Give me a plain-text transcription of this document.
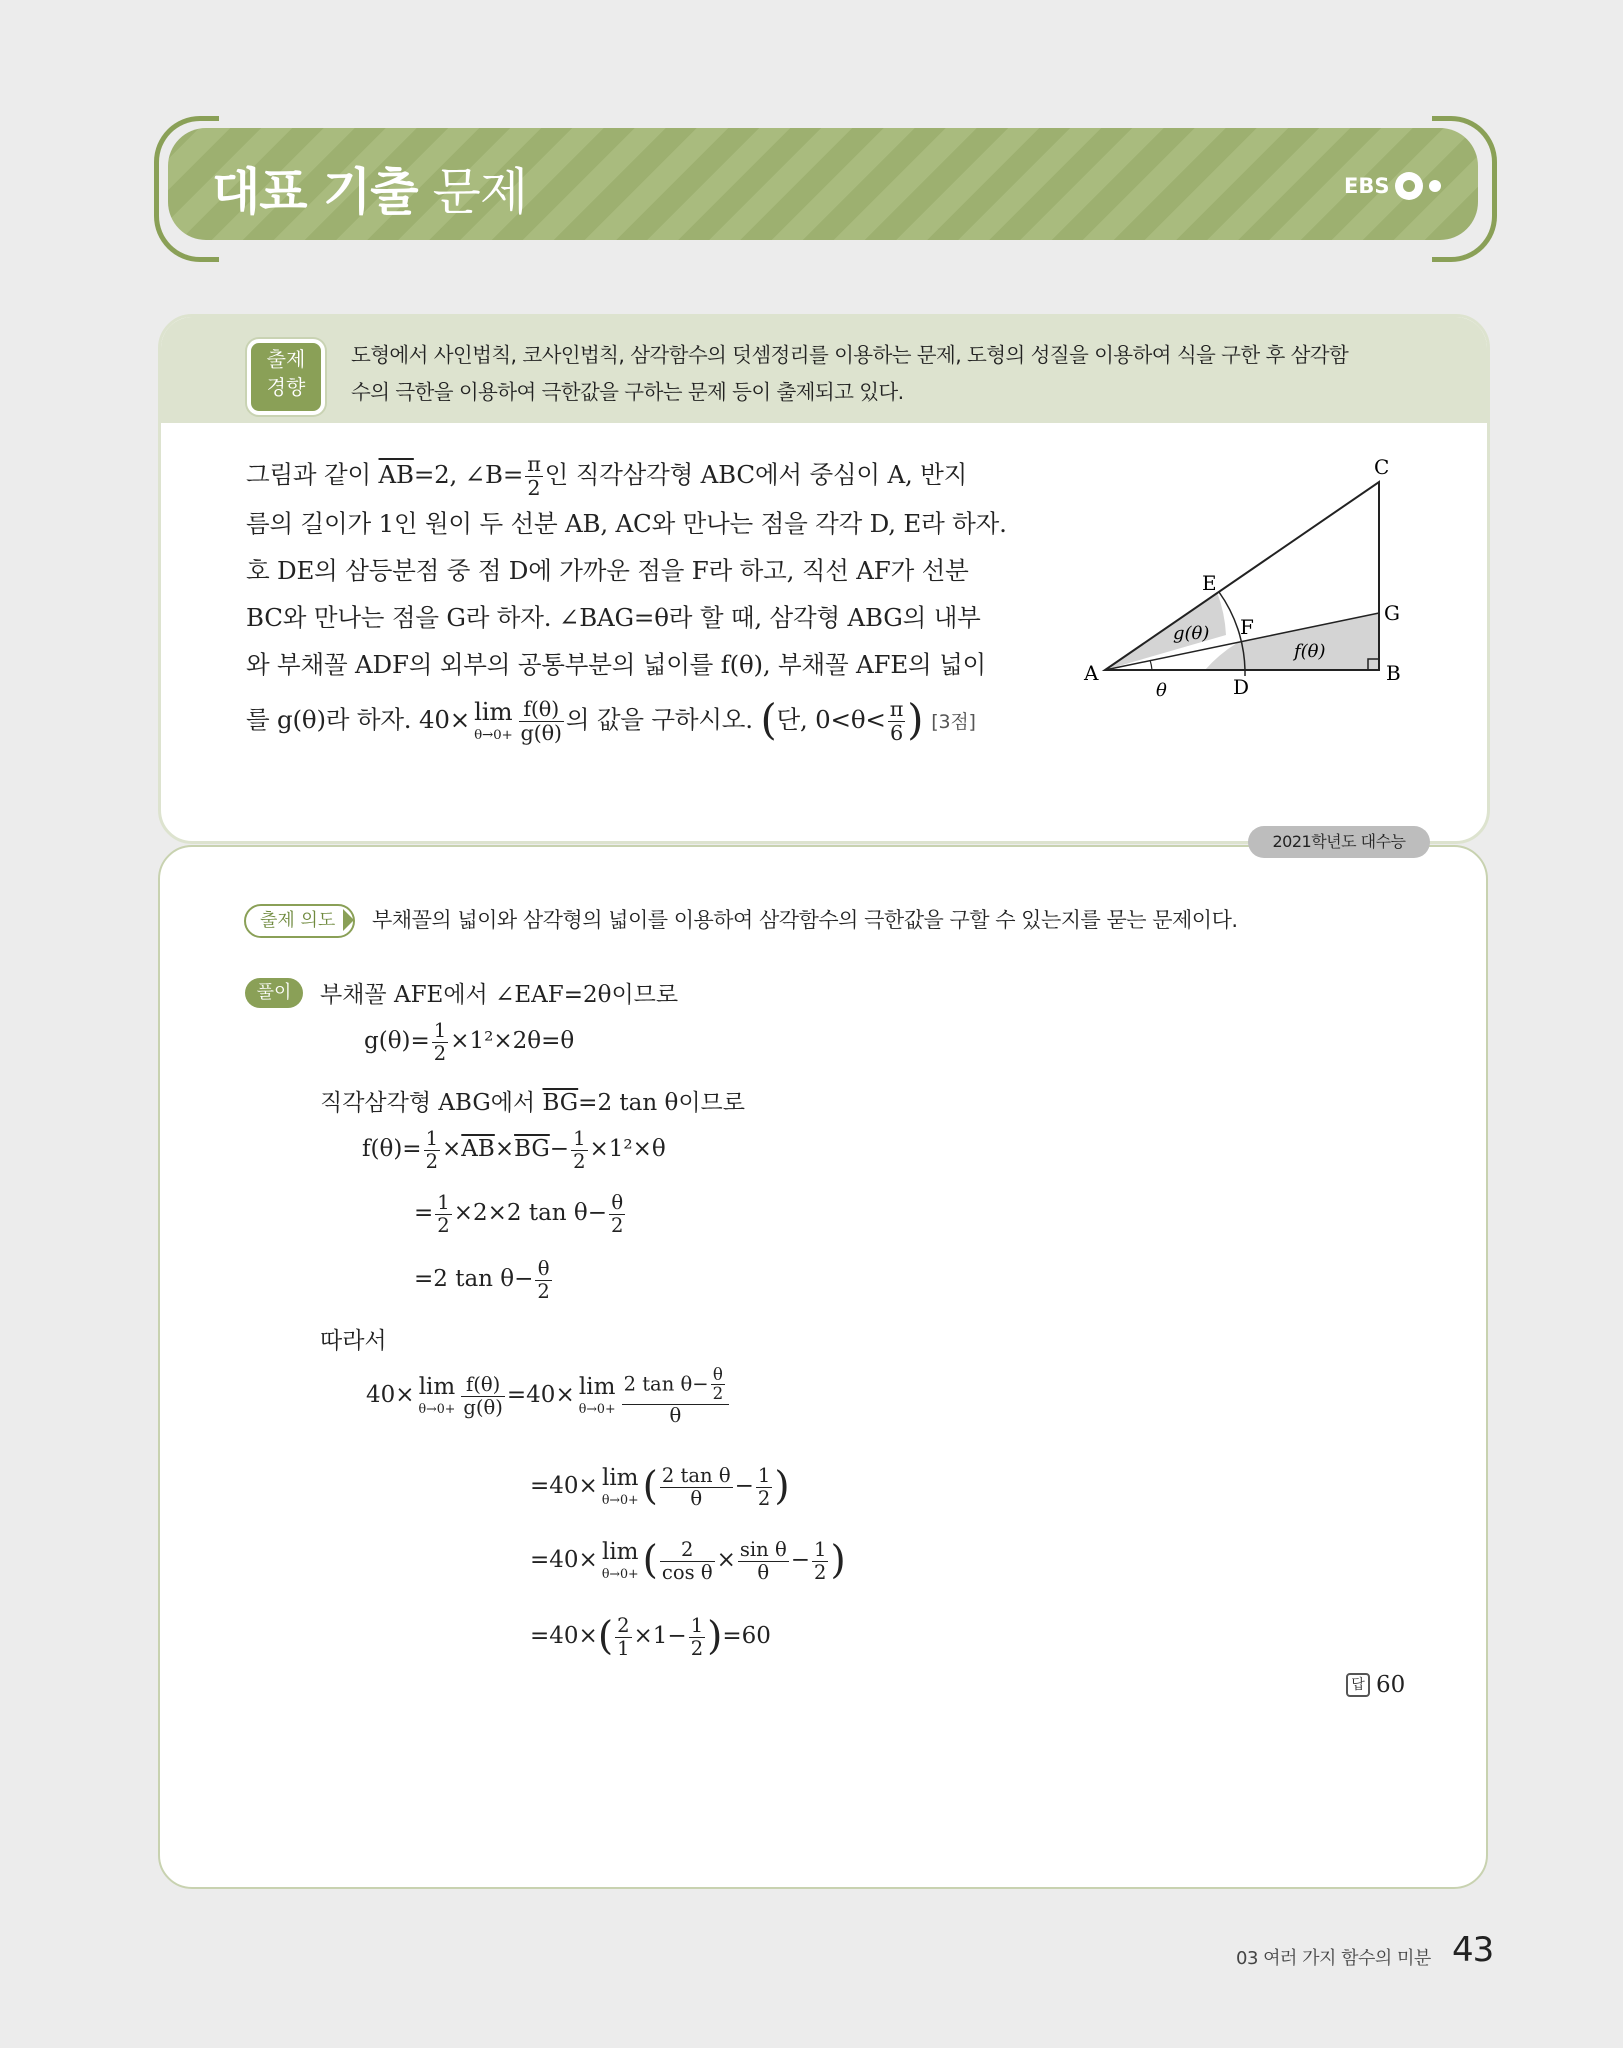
대표 기출 문제	EBS
출제
경향
도형에서 사인법칙, 코사인법칙, 삼각함수의 덧셈정리를 이용하는 문제, 도형의 성질을 이용하여 식을 구한 후 삼각함
수의 극한을 이용하여 극한값을 구하는 문제 등이 출제되고 있다.
그림과 같이 $\overline{AB}=2$, ∠B= $\frac{\pi}{2}$ 인 직각삼각형 ABC에서 중심이 A, 반지
름의 길이가 1인 원이 두 선분 AB, AC와 만나는 점을 각각 D, E라 하자.
호 DE의 삼등분점 중 점 D에 가까운 점을 F라 하고, 직선 AF가 선분
BC와 만나는 점을 G라 하자. ∠BAG=θ라 할 때, 삼각형 ABG의 내부
와 부채꼴 ADF의 외부의 공통부분의 넓이를 f(θ), 부채꼴 AFE의 넓이
를 g(θ)라 하자. 40× lim
$\theta\to 0+ \frac{f(\theta)}{g(\theta)}$ 의 값을 구하시오. (단, $0<\theta< \frac{\pi}{6}$ ) [3점]
A	B
C
D
E
F
G
θ
g(θ)
f(θ)
2021학년도 대수능
출제 의도	부채꼴의 넓이와 삼각형의 넓이를 이용하여 삼각함수의 극한값을 구할 수 있는지를 묻는 문제이다.
풀이	부채꼴 AFE에서 ∠EAF=2θ이므로
$g(\theta)= \frac{1}{2} \times 1^2\times 2\theta=\theta$
직각삼각형 ABG에서 $\overline{BG}=2$ tan θ이므로
$f(\theta)= \frac{1}{2} \times\overline{AB}\times\overline{BG}- \frac{1}{2} \times 1^2\times\theta$
= $\frac{1}{2} \times 2\times 2$ $\tan \theta- \frac{\theta}{2}$
=2 $\tan \theta- \frac{\theta}{2}$
따라서
40× lim
$\theta\to 0+ \frac{f(\theta)}{g(\theta)} =40\times \lim$
$\theta\to 0+ \frac{2 \tan \theta- \frac{\theta}{2}}{\theta}$
=40× lim
θ→0+ ( $\frac{\text{2 tan θ}}{\theta} - \frac{1}{2}$ )
=40× lim
θ→0+ ( $\frac{2}{\text{cos θ}} \times \frac{\text{sin θ}}{\theta} - \frac{1}{2}$ )
$=40\times( \frac{2}{1} \times 1- \frac{1}{2} )=60$
답 60
03 여러 가지 함수의 미분 43
